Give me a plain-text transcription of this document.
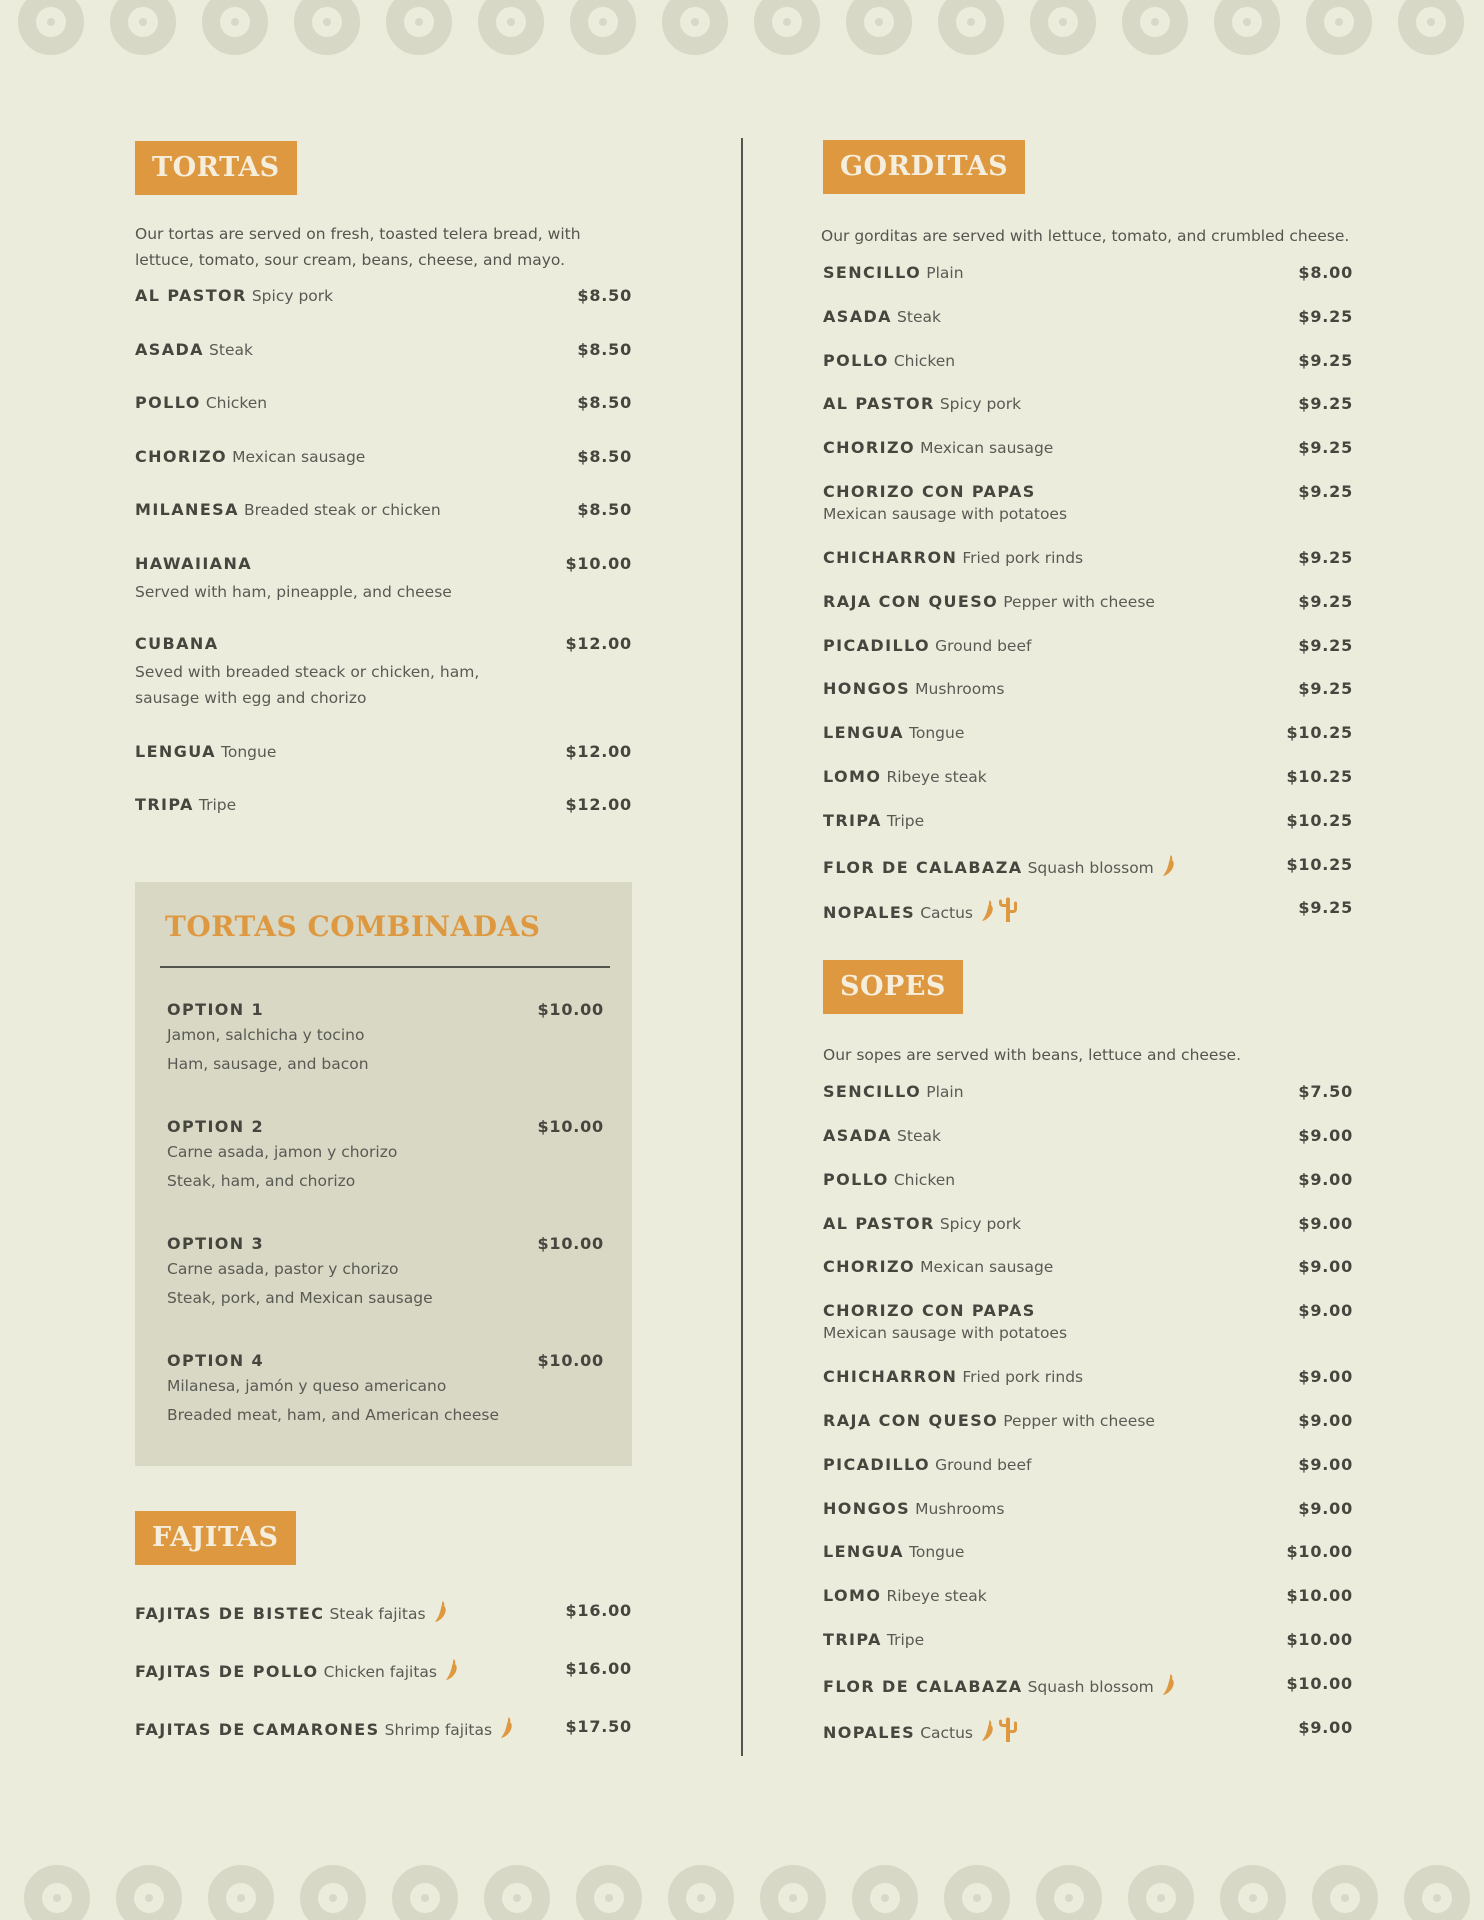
TORTAS

Our tortas are served on fresh, toasted telera bread, with lettuce, tomato, sour cream, beans, cheese, and mayo.

AL PASTOR Spicy pork	$8.50
ASADA Steak	$8.50
POLLO Chicken	$8.50
CHORIZO Mexican sausage	$8.50
MILANESA Breaded steak or chicken	$8.50
HAWAIIANA	$10.00
Served with ham, pineapple, and cheese
CUBANA	$12.00
Seved with breaded steack or chicken, ham, sausage with egg and chorizo
LENGUA Tongue	$12.00
TRIPA Tripe	$12.00
TORTAS COMBINADAS
OPTION 1	$10.00
Jamon, salchicha y tocino
Ham, sausage, and bacon
OPTION 2	$10.00
Carne asada, jamon y chorizo
Steak, ham, and chorizo
OPTION 3	$10.00
Carne asada, pastor y chorizo
Steak, pork, and Mexican sausage
OPTION 4	$10.00
Milanesa, jamón y queso americano
Breaded meat, ham, and American cheese
FAJITAS
FAJITAS DE BISTEC Steak fajitas	$16.00
FAJITAS DE POLLO Chicken fajitas	$16.00
FAJITAS DE CAMARONES Shrimp fajitas	$17.50
GORDITAS

Our gorditas are served with lettuce, tomato, and crumbled cheese.

SENCILLO Plain	$8.00
ASADA Steak	$9.25
POLLO Chicken	$9.25
AL PASTOR Spicy pork	$9.25
CHORIZO Mexican sausage	$9.25
CHORIZO CON PAPAS	$9.25
Mexican sausage with potatoes
CHICHARRON Fried pork rinds	$9.25
RAJA CON QUESO Pepper with cheese	$9.25
PICADILLO Ground beef	$9.25
HONGOS Mushrooms	$9.25
LENGUA Tongue	$10.25
LOMO Ribeye steak	$10.25
TRIPA Tripe	$10.25
FLOR DE CALABAZA Squash blossom	$10.25
NOPALES Cactus	$9.25
SOPES

Our sopes are served with beans, lettuce and cheese.

SENCILLO Plain	$7.50
ASADA Steak	$9.00
POLLO Chicken	$9.00
AL PASTOR Spicy pork	$9.00
CHORIZO Mexican sausage	$9.00
CHORIZO CON PAPAS	$9.00
Mexican sausage with potatoes
CHICHARRON Fried pork rinds	$9.00
RAJA CON QUESO Pepper with cheese	$9.00
PICADILLO Ground beef	$9.00
HONGOS Mushrooms	$9.00
LENGUA Tongue	$10.00
LOMO Ribeye steak	$10.00
TRIPA Tripe	$10.00
FLOR DE CALABAZA Squash blossom	$10.00
NOPALES Cactus	$9.00
